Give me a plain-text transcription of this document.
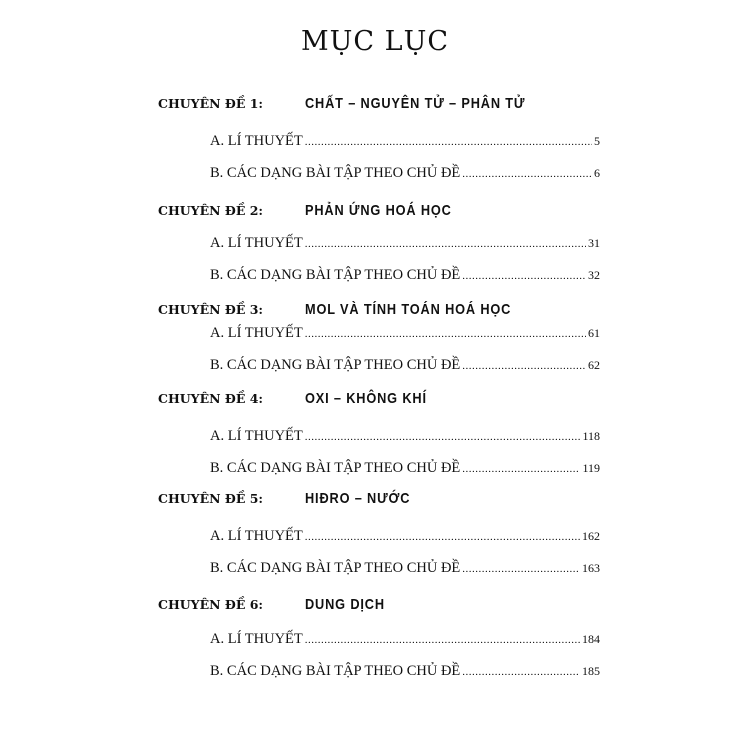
MỤC LỤC
CHUYÊN ĐỀ 1:	CHẤT – NGUYÊN TỬ – PHÂN TỬ
A. LÍ THUYẾT .....	5
B. CÁC DẠNG BÀI TẬP THEO CHỦ ĐỀ .....	6
CHUYÊN ĐỀ 2:	PHẢN ỨNG HOÁ HỌC
A. LÍ THUYẾT .....	31
B. CÁC DẠNG BÀI TẬP THEO CHỦ ĐỀ .....	32
CHUYÊN ĐỀ 3:	MOL VÀ TÍNH TOÁN HOÁ HỌC
A. LÍ THUYẾT .....	61
B. CÁC DẠNG BÀI TẬP THEO CHỦ ĐỀ .....	62
CHUYÊN ĐỀ 4:	OXI – KHÔNG KHÍ
A. LÍ THUYẾT .....	118
B. CÁC DẠNG BÀI TẬP THEO CHỦ ĐỀ .....	119
CHUYÊN ĐỀ 5:	HIĐRO – NƯỚC
A. LÍ THUYẾT .....	162
B. CÁC DẠNG BÀI TẬP THEO CHỦ ĐỀ .....	163
CHUYÊN ĐỀ 6:	DUNG DỊCH
A. LÍ THUYẾT .....	184
B. CÁC DẠNG BÀI TẬP THEO CHỦ ĐỀ .....	185
